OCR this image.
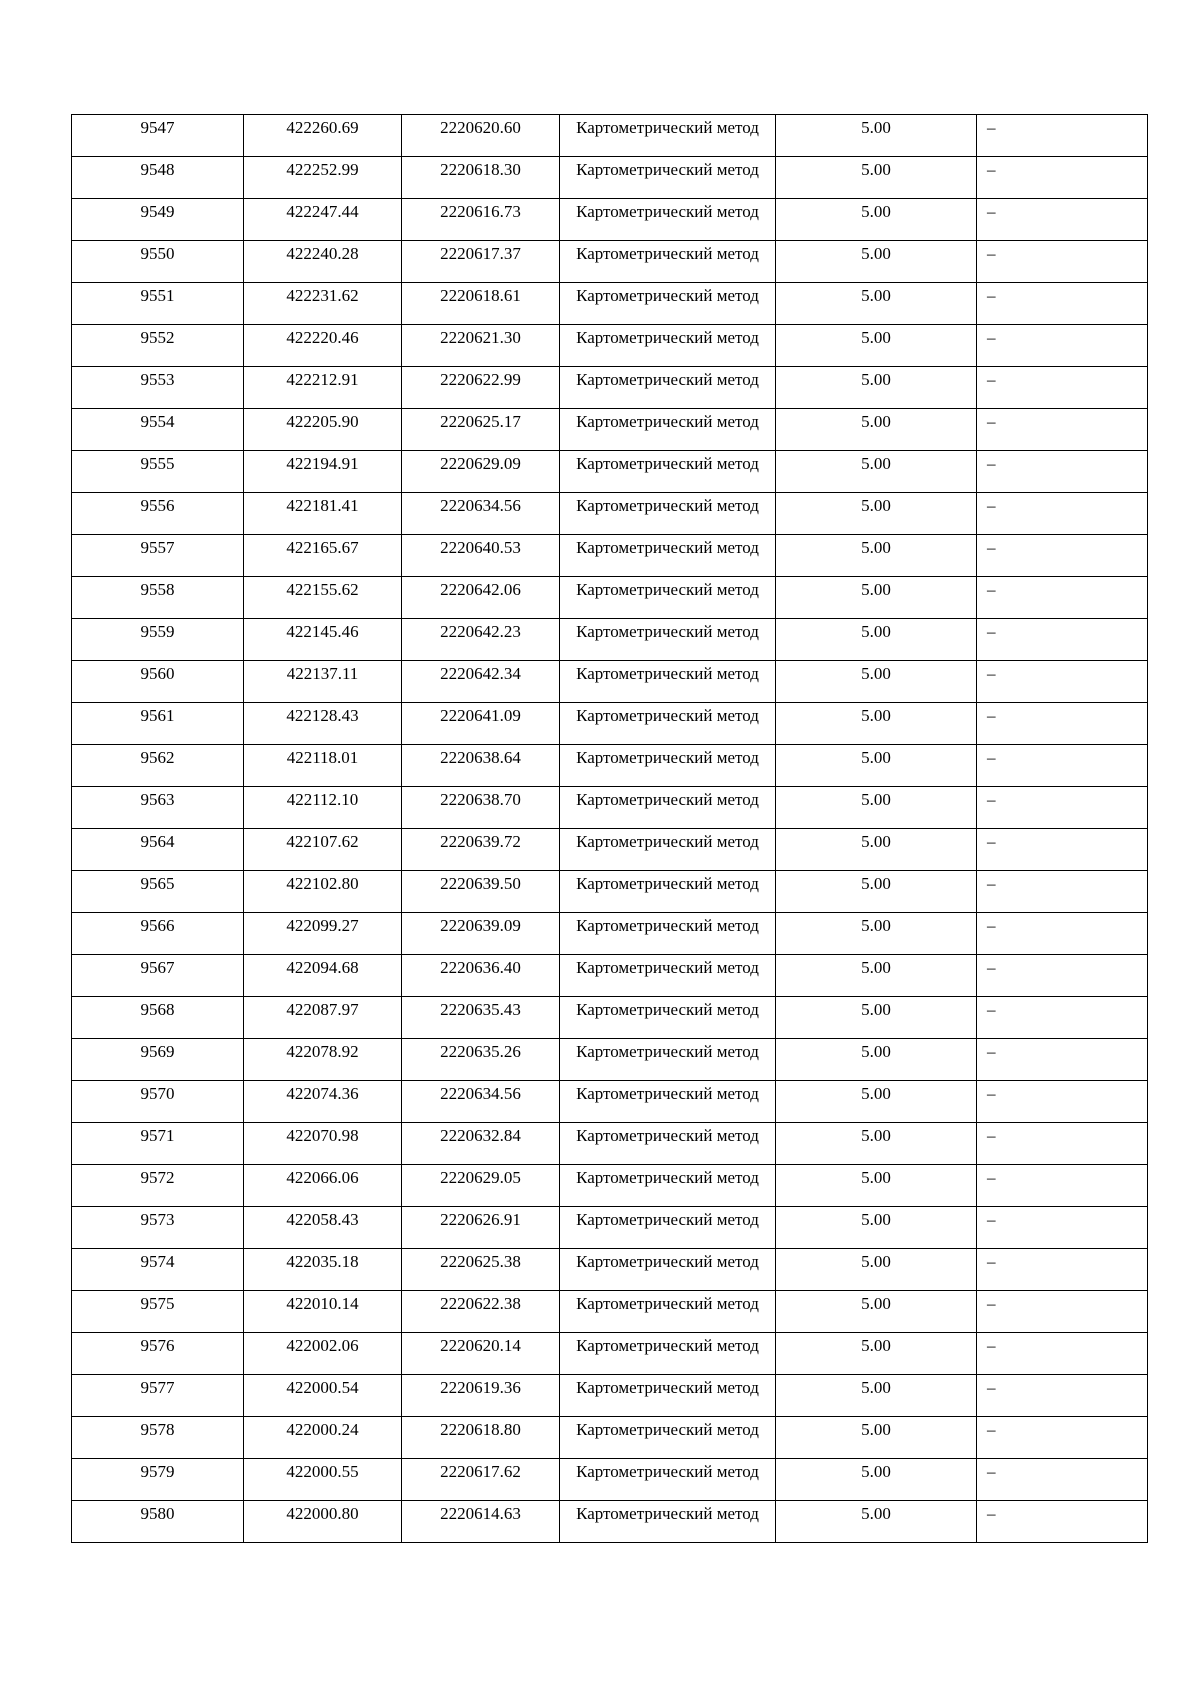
9547	422260.69	2220620.60	Картометрический метод	5.00	–

9548	422252.99	2220618.30	Картометрический метод	5.00	–

9549	422247.44	2220616.73	Картометрический метод	5.00	–

9550	422240.28	2220617.37	Картометрический метод	5.00	–

9551	422231.62	2220618.61	Картометрический метод	5.00	–

9552	422220.46	2220621.30	Картометрический метод	5.00	–

9553	422212.91	2220622.99	Картометрический метод	5.00	–

9554	422205.90	2220625.17	Картометрический метод	5.00	–

9555	422194.91	2220629.09	Картометрический метод	5.00	–

9556	422181.41	2220634.56	Картометрический метод	5.00	–

9557	422165.67	2220640.53	Картометрический метод	5.00	–

9558	422155.62	2220642.06	Картометрический метод	5.00	–

9559	422145.46	2220642.23	Картометрический метод	5.00	–

9560	422137.11	2220642.34	Картометрический метод	5.00	–

9561	422128.43	2220641.09	Картометрический метод	5.00	–

9562	422118.01	2220638.64	Картометрический метод	5.00	–

9563	422112.10	2220638.70	Картометрический метод	5.00	–

9564	422107.62	2220639.72	Картометрический метод	5.00	–

9565	422102.80	2220639.50	Картометрический метод	5.00	–

9566	422099.27	2220639.09	Картометрический метод	5.00	–

9567	422094.68	2220636.40	Картометрический метод	5.00	–

9568	422087.97	2220635.43	Картометрический метод	5.00	–

9569	422078.92	2220635.26	Картометрический метод	5.00	–

9570	422074.36	2220634.56	Картометрический метод	5.00	–

9571	422070.98	2220632.84	Картометрический метод	5.00	–

9572	422066.06	2220629.05	Картометрический метод	5.00	–

9573	422058.43	2220626.91	Картометрический метод	5.00	–

9574	422035.18	2220625.38	Картометрический метод	5.00	–

9575	422010.14	2220622.38	Картометрический метод	5.00	–

9576	422002.06	2220620.14	Картометрический метод	5.00	–

9577	422000.54	2220619.36	Картометрический метод	5.00	–

9578	422000.24	2220618.80	Картометрический метод	5.00	–

9579	422000.55	2220617.62	Картометрический метод	5.00	–

9580	422000.80	2220614.63	Картометрический метод	5.00	–
